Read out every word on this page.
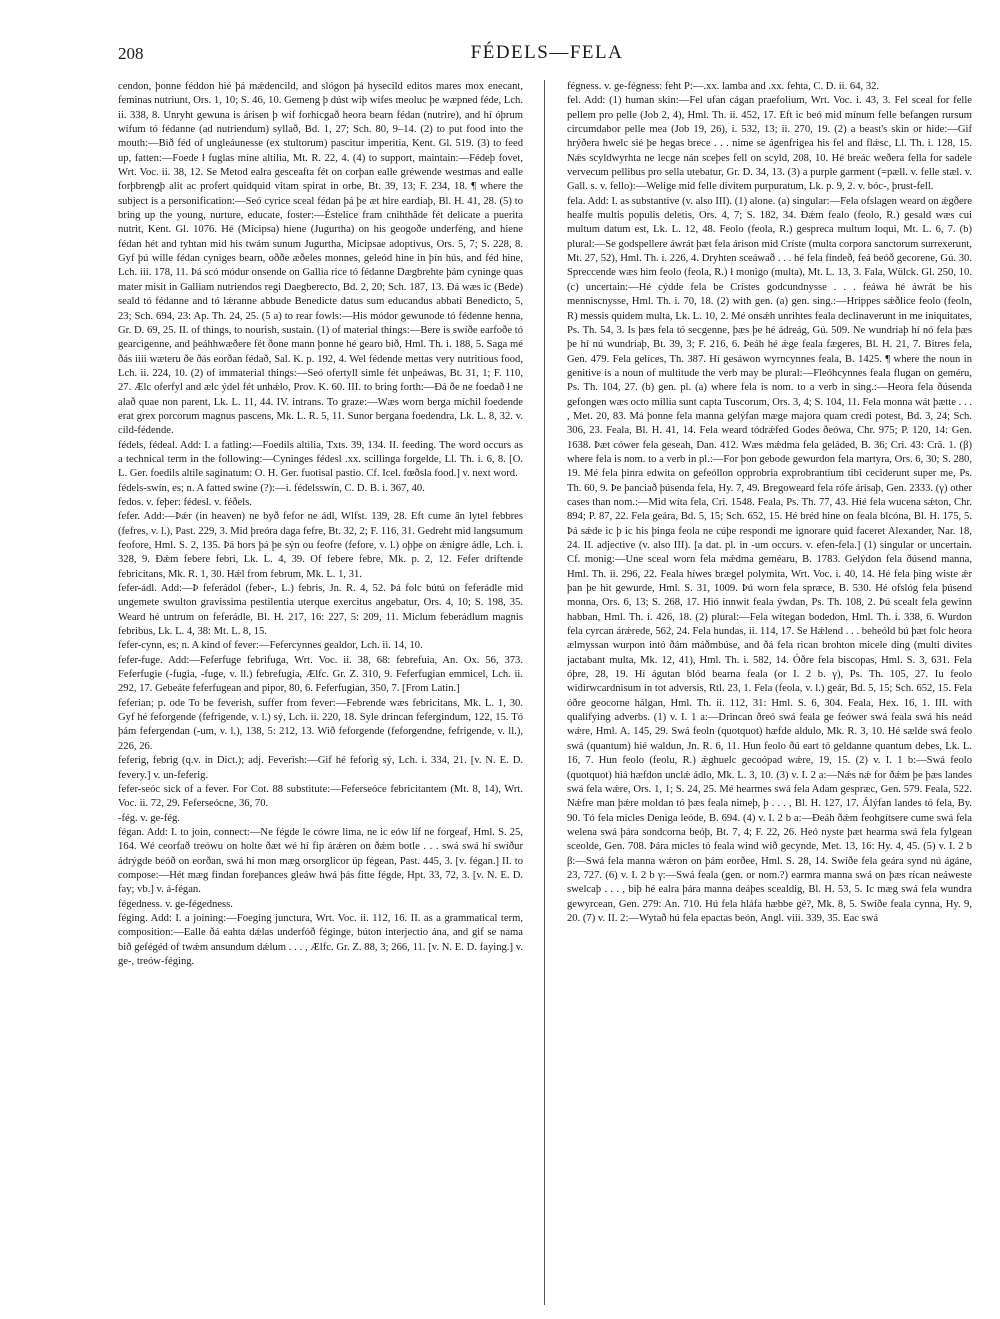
208	FÉDELS—FELA

cendon, þonne féddon hié þá mǽdencild, and slógon þá hysecild editos mares mox enecant, feminas nutriunt, Ors. 1, 10; S. 46, 10. Gemeng þ dúst wiþ wífes meoluc þe wæpned féde, Lch. ii. 338, 8. Unryht gewuna is árisen þ wíf forhicgað heora bearn fédan (nutrire), and hí óþrum wífum tó fédanne (ad nutriendum) syllað, Bd. 1, 27; Sch. 80, 9–14. (2) to put food into the mouth:—Bið féd of ungleáunesse (ex stultorum) pascitur imperitia, Kent. Gl. 519. (3) to feed up, fatten:—Foede ł fuglas míne altilia, Mt. R. 22, 4. (4) to support, maintain:—Fédeþ fovet, Wrt. Voc. ii. 38, 12. Se Metod ealra gesceafta fét on corþan ealle gréwende westmas and ealle forþbrengþ alit ac profert quidquid vitam spirat in orbe, Bt. 39, 13; F. 234, 18. ¶ where the subject is a personification:—Seó cyrice sceal fédan þá þe æt hire eardiaþ, Bl. H. 41, 28. (5) to bring up the young, nurture, educate, foster:—Éstelice fram cnihthâde fét delicate a puerita nutrit, Kent. Gl. 1076. Hé (Micipsa) hiene (Jugurtha) on his geogoðe underféng, and hiene fédan hét and tyhtan mid his twám sunum Jugurtha, Micipsae adoptivus, Ors. 5, 7; S. 228, 8. Gyf þú wille fédan cyniges bearn, oððe æðeles monnes, geleód hine in þín hús, and féd hine, Lch. iii. 178, 11. Þá scó módur onsende on Gallia rice tó fédanne Dægbrehte þám cyninge quas mater misit in Galliam nutriendos regi Daegberecto, Bd. 2, 20; Sch. 187, 13. Ðá wæs ic (Bede) seald tó fédanne and tó lǽranne abbude Benedicte datus sum educandus abbati Benedicto, 5, 23; Sch. 694, 23: Ap. Th. 24, 25. (5 a) to rear fowls:—His módor gewunode tó fédenne henna, Gr. D. 69, 25. II. of things, to nourish, sustain. (1) of material things:—Bere is swíðe earfoðe tó gearcigenne, and þeáhhwæðere fét ðone mann þonne hé gearo bið, Hml. Th. i. 188, 5. Saga mé ðás iiii wæteru ðe ðás eorðan fédað, Sal. K. p. 192, 4. Wel fédende mettas very nutritious food, Lch. ii. 224, 10. (2) of immaterial things:—Seó ofertyll simle fét unþeáwas, Bt. 31, 1; F. 110, 27. Ælc oferfyl and ælc ýdel fét unhǽlo, Prov. K. 60. III. to bring forth:—Ðá ðe ne foedað ł ne alað quae non parent, Lk. L. 11, 44. IV. intrans. To graze:—Wæs worn berga míchil foedende erat grex porcorum magnus pascens, Mk. L. R. 5, 11. Sunor bergana foedendra, Lk. L. 8, 32. v. cild-fédende.

fédels, fédeal. Add: I. a fatling:—Foedils altilia, Txts. 39, 134. II. feeding. The word occurs as a technical term in the following:—Cyninges fédesl .xx. scillinga forgelde, Ll. Th. i. 6, 8. [O. L. Ger. foedils altile saginatum: O. H. Ger. fuotisal pastio. Cf. Icel. fœðsla food.] v. next word.

fédels-swín, es; n. A fatted swine (?):—i. fédelsswín, C. D. B. i. 367, 40.

fedos. v. feþer: fédesl. v. féðels.

fefer. Add:—Þǽr (in heaven) ne byð fefor ne ádl, Wlfst. 139, 28. Eft cume ân lytel febbres (fefres, v. l.), Past. 229, 3. Mid þreóra daga fefre, Bt. 32, 2; F. 116, 31. Gedreht mid langsumum feofore, Hml. S. 2, 135. Þá hors þá þe sýn ou feofre (fefore, v. l.) oþþe on ǽnigre ádle, Lch. i. 328, 9. Ðǽm febere febri, Lk. L. 4, 39. Of febere febre, Mk. p. 2, 12. Fefer driftende febricitans, Mk. R. 1, 30. Hǽl from februm, Mk. L. 1, 31.

fefer-ádl. Add:—Þ feferádol (feber-, L.) febris, Jn. R. 4, 52. Þá folc bútú on feferádle mid ungemete swulton gravissima pestilentia uterque exercitus angebatur, Ors. 4, 10; S. 198, 35. Weard hé untrum on feferádle, Bl. H. 217, 16: 227, 5: 209, 11. Miclum feberádlum magnis febribus, Lk. L. 4, 38: Mt. L. 8, 15.

fefer-cynn, es; n. A kind of fever:—Fefercynnes gealdor, Lch. ii. 14, 10.

fefer-fuge. Add:—Feferfuge febrifuga, Wrt. Voc. ii. 38, 68: febrefuia, An. Ox. 56, 373. Feferfugie (-fugia, -fuge, v. ll.) febrefugia, Ælfc. Gr. Z. 310, 9. Feferfugian emmicel, Lch. ii. 292, 17. Gebeáte feferfugean and pipor, 80, 6. Feferfugian, 350, 7. [From Latin.]

feferian; p. ode To be feverish, suffer from fever:—Febrende wæs febricitans, Mk. L. 1, 30. Gyf hé feforgende (fefrigende, v. l.) sý, Lch. ii. 220, 18. Syle drincan fefergindum, 122, 15. Tó þám fefergendan (-um, v. l.), 138, 5: 212, 13. Wið feforgende (feforgendne, fefrigende, v. ll.), 226, 26.

feferig, febrig (q.v. in Dict.); adj. Feverish:—Gif hé feforig sý, Lch. i. 334, 21. [v. N. E. D. fevery.] v. un-feferig.

fefer-seóc sick of a fever. For Cot. 88 substitute:—Feferseóce febricitantem (Mt. 8, 14), Wrt. Voc. ii. 72, 29. Feferseócne, 36, 70.

-fég. v. ge-fég.

fégan. Add: I. to join, connect:—Ne fégde le cówre lima, ne ic eów líf ne forgeaf, Hml. S. 25, 164. Wé ceorfað treówu on holte ðæt wé hí fip árǽren on ðǽm botle . . . swá swá hí swíður ádrýgde beóð on eorðan, swá hí mon mæg orsorglicor úp fégean, Past. 445, 3. [v. fégan.] II. to compose:—Hét mæg findan foreþances gleáw hwá þás fitte fégde, Hpt. 33, 72, 3. [v. N. E. D. fay; vb.] v. á-fégan.

fégedness. v. ge-fégedness.

féging. Add: I. a joining:—Foeging junctura, Wrt. Voc. ii. 112, 16. II. as a grammatical term, composition:—Ealle ðá eahta dǽlas underfóð féginge, búton interjectio ána, and gif se nama bið gefégéd of twǽm ansundum dǽlum . . . , Ælfc. Gr. Z. 88, 3; 266, 11. [v. N. E. D. faying.] v. ge-, treów-féging.

fégness. v. ge-fégness: feht P:—.xx. lamba and .xx. fehta, C. D. ii. 64, 32.

fel. Add: (1) human skin:—Fel ufan cágan praefolium, Wrt. Voc. i. 43, 3. Fel sceal for felle pellem pro pelle (Job 2, 4), Hml. Th. ii. 452, 17. Eft ic beó mid mínum felle befangen rursum circumdabor pelle mea (Job 19, 26), i. 532, 13; ii. 270, 19. (2) a beast's skin or hide:—Gif hrýðera hwelc sié þe hegas brece . . . nime se ágenfrigea his fel and flǽsc, Ll. Th. i. 128, 15. Nǽs scyldwyrhta ne lecge nán sceþes fell on scyld, 208, 10. Hé breác weðera fella for sadele vervecum pellibus pro sella utebatur, Gr. D. 34, 13. (3) a purple garment (=pæll. v. felle stæl. v. Gall. s. v. fello):—Welige mid felle divitem purpuratum, Lk. p. 9, 2. v. bóc-, þrust-fell.

fela. Add: I. as substantive (v. also III). (1) alone. (a) singular:—Fela ofslagen weard on ǽgðere healfe multis populis deletis, Ors. 4, 7; S. 182, 34. Ðǽm fealo (feolo, R.) gesald wæs cui multum datum est, Lk. L. 12, 48. Feolo (feola, R.) gespreca multum loqui, Mt. L. 6, 7. (b) plural:—Se godspellere áwrát þæt fela árison mid Críste (multa corpora sanctorum surrexerunt, Mt. 27, 52), Hml. Th. i. 226, 4. Dryhten sceáwað . . . hé fela findeð, feá beóð gecorene, Gú. 30. Spreccende wæs him feolo (feola, R.) ł monigo (multa), Mt. L. 13, 3. Fala, Wülck. Gl. 250, 10. (c) uncertain:—Hé cýdde fela be Crístes godcundnysse . . . feáwa hé áwrát be his menniscnysse, Hml. Th. i. 70, 18. (2) with gen. (a) gen. sing.:—Hrippes sǽðlice feolo (feoln, R) messis quidem multa, Lk. L. 10, 2. Mé onsǽh unrihtes feala declinaverunt in me iniquitates, Ps. Th. 54, 3. Is þæs fela tó secgenne, þæs þe hé ádreág, Gú. 509. Ne wundriaþ hí nó fela þæs þe hí nú wundriaþ, Bt. 39, 3; F. 216, 6. Þeáh hé ǽge feala fægeres, Bl. H. 21, 7. Bitres fela, Gen. 479. Fela gelíces, Th. 387. Hí gesáwon wyrncynnes feala, B. 1425. ¶ where the noun in genitive is a noun of multitude the verb may be plural:—Fleóhcynnes feala flugan on geméru, Ps. Th. 104, 27. (b) gen. pl. (a) where fela is nom. to a verb in sing.:—Heora fela ðúsenda gefongen wæs octo millia sunt capta Tuscorum, Ors. 3, 4; S. 104, 11. Fela monna wát þætte . . . , Met. 20, 83. Má þonne fela manna gelýfan mæge majora quam credi potest, Bd. 3, 24; Sch. 306, 23. Feala, Bl. H. 41, 14. Fela weard tódrǽfed Godes ðeówa, Chr. 975; P. 120, 14: Gen. 1638. Þæt cówer fela geseah, Dan. 412. Wæs mǽdma fela geláded, B. 36; Cri. 43: Crä. 1. (β) where fela is nom. to a verb in pl.:—For þon gebode gewurdon fela martyra, Ors. 6, 30; S. 280, 19. Mé fela þinra edwita on gefeóllon opprobria exprobrantium tibi ceciderunt super me, Ps. Th. 60, 9. Þe þanciað þúsenda fela, Hy. 7, 49. Bregoweard fela rófe árisaþ, Gen. 2333. (γ) other cases than nom.:—Mid wíta fela, Cri. 1548. Feala, Ps. Th. 77, 43. Hié fela wucena sǽton, Chr. 894; P. 87, 22. Fela geára, Bd. 5, 15; Sch. 652, 15. Hé bréd hine on feala blcóna, Bl. H. 175, 5. Þá sǽde ic þ ic his þinga feola ne cúþe respondi me ignorare quid faceret Alexander, Nar. 18, 24. II. adjective (v. also III). [a dat. pl. in -um occurs. v. efen-fela.] (1) singular or uncertain. Cf. monig:—Une sceal worn fela mǽdma geméaru, B. 1783. Gelýdon fela ðúsend manna, Hml. Th. ii. 296, 22. Feala híwes brægel polymita, Wrt. Voc. i. 40, 14. Hé fela þing wiste ǽr þan þe hit gewurde, Hml. S. 31, 1009. Þú worn fela spræce, B. 530. Hé ofslóg fela þúsend monna, Ors. 6, 13; S. 268, 17. Hió innwit feala ýwdan, Ps. Th. 108, 2. Þú scealt fela gewinn habban, Hml. Th. i. 426, 18. (2) plural:—Fela wítegan bodedon, Hml. Th. i. 338, 6. Wurdon fela cyrcan árǽrede, 562, 24. Fela hundas, ii. 114, 17. Se Hǽlend . . . beheóld bú þæt folc heora ælmyssan wurpon intó ðám máðmbúse, and ðá fela rican brohton micele ding (multi divites jactabant multa, Mk. 12, 41), Hml. Th. i. 582, 14. Óðre fela biscopas, Hml. S. 3, 631. Fela óþre, 28, 19. Hí águtan blód bearna feala (or I. 2 b. γ), Ps. Th. 105, 27. Iu feolo widirwcardnisum in tot adversis, Rtl. 23, 1. Fela (feola, v. l.) geár, Bd. 5, 15; Sch. 652, 15. Fela óðre geocorne hálgan, Hml. Th. ii. 112, 31: Hml. S. 6, 304. Feala, Hex. 16, 1. III. with qualifying adverbs. (1) v. I. 1 a:—Drincan ðreó swá feala ge feówer swá feala swá his neád wǽre, Hml. A. 145, 29. Swá feoln (quotquot) hæfde aldulo, Mk. R. 3, 10. Hé sælde swá feolo swá (quantum) hié waldun, Jn. R. 6, 11. Hun feolo ðú eart tó geldanne quantum debes, Lk. L. 16, 7. Hun feolo (feolu, R.) ǽghuelc gecoópad wǽre, 19, 15. (2) v. I. 1 b:—Swá feolo (quotquot) hiá hæfdon unclǽ ádlo, Mk. L. 3, 10. (3) v. I. 2 a:—Nǽs nǽ for ðǽm þe þæs landes swá fela wǽre, Ors. 1, 1; S. 24, 25. Mé hearmes swá fela Adam gespræc, Gen. 579. Feala, 522. Nǽfre man þǽre moldan tó þæs feala nimeþ, þ . . . , Bl. H. 127, 17. Álýfan landes tó fela, By. 90. Tó fela micles Deniga leóde, B. 694. (4) v. I. 2 b a:—Ðeáh ðǽm feohgítsere cume swá fela welena swá þára sondcorna beóþ, Bt. 7, 4; F. 22, 26. Heó nyste þæt hearma swá fela fylgean sceolde, Gen. 708. Þára micles tó feala wind wið gecynde, Met. 13, 16: Hy. 4, 45. (5) v. I. 2 b β:—Swá fela manna wǽron on þám eorðee, Hml. S. 28, 14. Swíðe fela geára synd nú ágáne, 23, 727. (6) v. I. 2 b γ:—Swá feala (gen. or nom.?) earmra manna swá on þæs rícan neáweste swelcaþ . . . , biþ hé ealra þára manna deáþes scealdig, Bl. H. 53, 5. Ic mæg swá fela wundra gewyrcean, Gen. 279: An. 710. Hú fela hláfa hæbbe gé?, Mk. 8, 5. Swíðe feala cynna, Hy. 9, 20. (7) v. II. 2:—Wytað hú fela epactas beón, Angl. viii. 339, 35. Eac swá
